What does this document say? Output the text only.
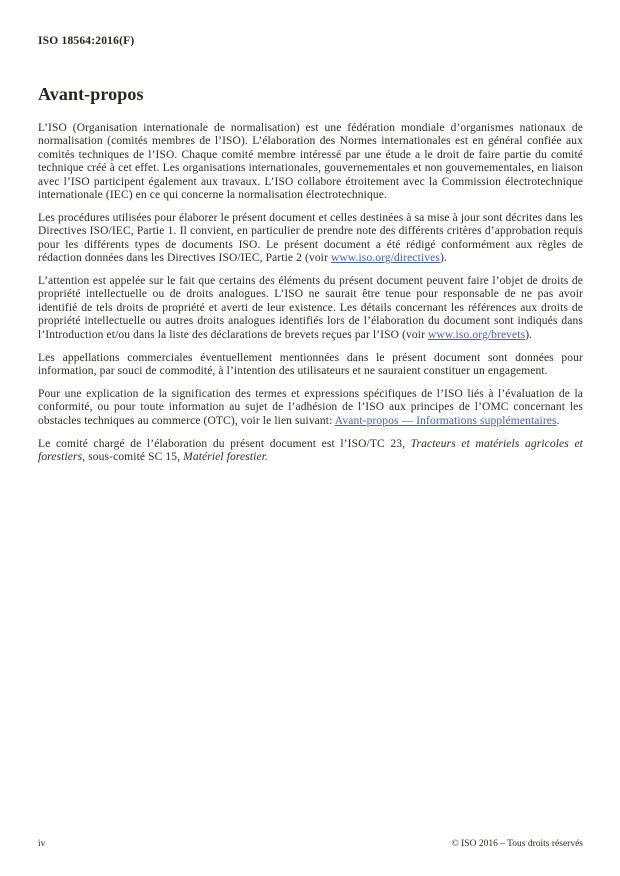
ISO 18564:2016(F)
Avant-propos

L’ISO (Organisation internationale de normalisation) est une fédération mondiale d’organismes nationaux de normalisation (comités membres de l’ISO). L’élaboration des Normes internationales est en général confiée aux comités techniques de l’ISO. Chaque comité membre intéressé par une étude a le droit de faire partie du comité technique créé à cet effet. Les organisations internationales, gouvernementales et non gouvernementales, en liaison avec l’ISO participent également aux travaux. L’ISO collabore étroitement avec la Commission électrotechnique internationale (IEC) en ce qui concerne la normalisation électrotechnique.

Les procédures utilisées pour élaborer le présent document et celles destinées à sa mise à jour sont décrites dans les Directives ISO/IEC, Partie 1. Il convient, en particulier de prendre note des différents critères d’approbation requis pour les différents types de documents ISO. Le présent document a été rédigé conformément aux règles de rédaction données dans les Directives ISO/IEC, Partie 2 (voir www.iso.org/directives).

L’attention est appelée sur le fait que certains des éléments du présent document peuvent faire l’objet de droits de propriété intellectuelle ou de droits analogues. L’ISO ne saurait être tenue pour responsable de ne pas avoir identifié de tels droits de propriété et averti de leur existence. Les détails concernant les références aux droits de propriété intellectuelle ou autres droits analogues identifiés lors de l’élaboration du document sont indiqués dans l’Introduction et/ou dans la liste des déclarations de brevets reçues par l’ISO (voir www.iso.org/brevets).

Les appellations commerciales éventuellement mentionnées dans le présent document sont données pour information, par souci de commodité, à l’intention des utilisateurs et ne sauraient constituer un engagement.

Pour une explication de la signification des termes et expressions spécifiques de l’ISO liés à l’évaluation de la conformité, ou pour toute information au sujet de l’adhésion de l’ISO aux principes de l’OMC concernant les obstacles techniques au commerce (OTC), voir le lien suivant: Avant-propos — Informations supplémentaires.

Le comité chargé de l’élaboration du présent document est l’ISO/TC 23, Tracteurs et matériels agricoles et forestiers, sous-comité SC 15, Matériel forestier.

iv	© ISO 2016 – Tous droits réservés
